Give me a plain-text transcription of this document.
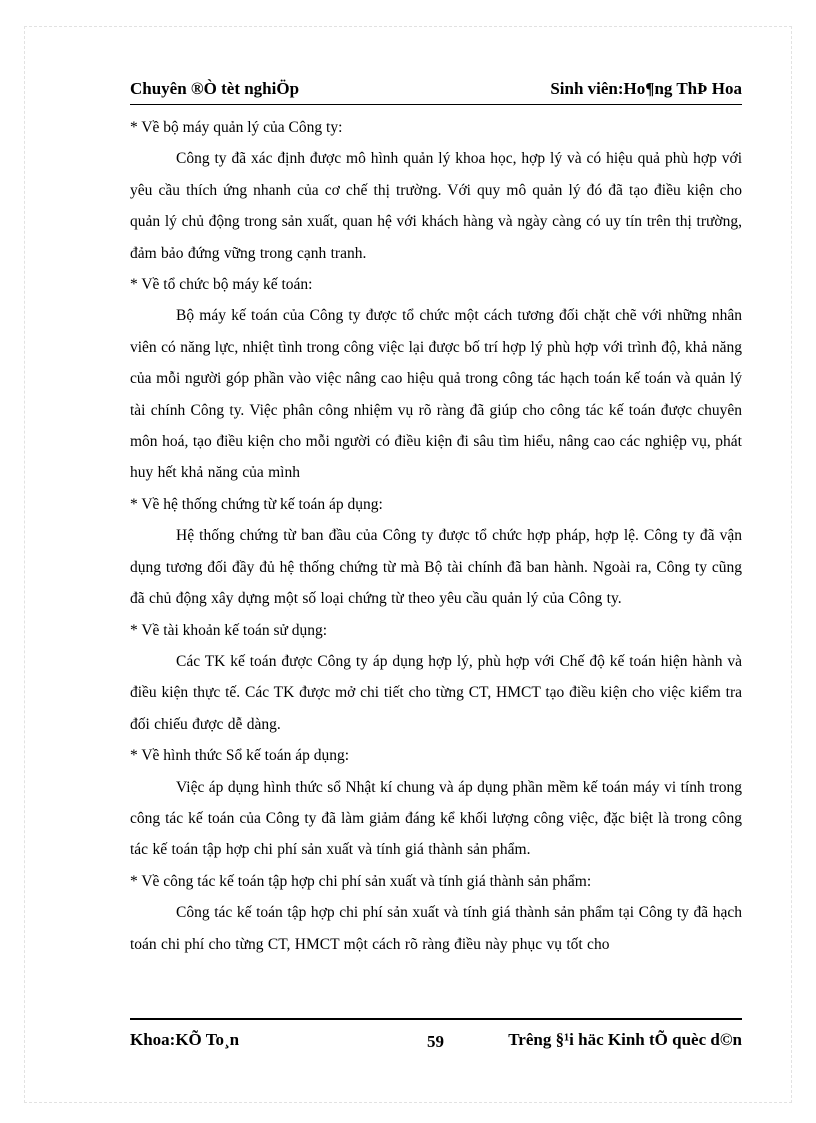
Chuyên ®Ò tèt nghiÖp	Sinh viên:Ho¶ng ThÞ Hoa

* Về bộ máy quản lý của Công ty:

Công ty đã xác định được mô hình quản lý khoa học, hợp lý và có hiệu quả phù hợp với yêu cầu thích ứng nhanh của cơ chế thị trường. Với quy mô quản lý đó đã tạo điều kiện cho quản lý chủ động trong sản xuất, quan hệ với khách hàng và ngày càng có uy tín trên thị trường, đảm bảo đứng vững trong cạnh tranh.

* Về tổ chức bộ máy kế toán:

Bộ máy kế toán của Công ty được tổ chức một cách tương đối chặt chẽ với những nhân viên có năng lực, nhiệt tình trong công việc lại được bố trí hợp lý phù hợp với trình độ, khả năng của mỗi người góp phần vào việc nâng cao hiệu quả trong công tác hạch toán kế toán và quản lý tài chính Công ty. Việc phân công nhiệm vụ rõ ràng đã giúp cho công tác kế toán được chuyên môn hoá, tạo điều kiện cho mỗi người có điều kiện đi sâu tìm hiểu, nâng cao các nghiệp vụ, phát huy hết khả năng của mình

* Về hệ thống chứng từ kế toán áp dụng:

Hệ thống chứng từ ban đầu của Công ty được tổ chức hợp pháp, hợp lệ. Công ty đã vận dụng tương đối đầy đủ hệ thống chứng từ mà Bộ tài chính đã ban hành. Ngoài ra, Công ty cũng đã chủ động xây dựng một số loại chứng từ theo yêu cầu quản lý của Công ty.

* Về tài khoản kế toán sử dụng:

Các TK kế toán được Công ty áp dụng hợp lý, phù hợp với Chế độ kế toán hiện hành và điều kiện thực tế. Các TK được mở chi tiết cho từng CT, HMCT tạo điều kiện cho việc kiểm tra đối chiếu được dễ dàng.

* Về hình thức Sổ kế toán áp dụng:

Việc áp dụng hình thức sổ Nhật kí chung và áp dụng phần mềm kế toán máy vi tính trong công tác kế toán của Công ty đã làm giảm đáng kể khối lượng công việc, đặc biệt là trong công tác kế toán tập hợp chi phí sản xuất và tính giá thành sản phẩm.

* Về công tác kế toán tập hợp chi phí sản xuất và tính giá thành sản phẩm:

Công tác kế toán tập hợp chi phí sản xuất và tính giá thành sản phẩm tại Công ty đã hạch toán chi phí cho từng CT, HMCT một cách rõ ràng điều này phục vụ tốt cho

Khoa:KÕ To¸n	59	Trêng §¹i häc Kinh tÕ quèc d©n
